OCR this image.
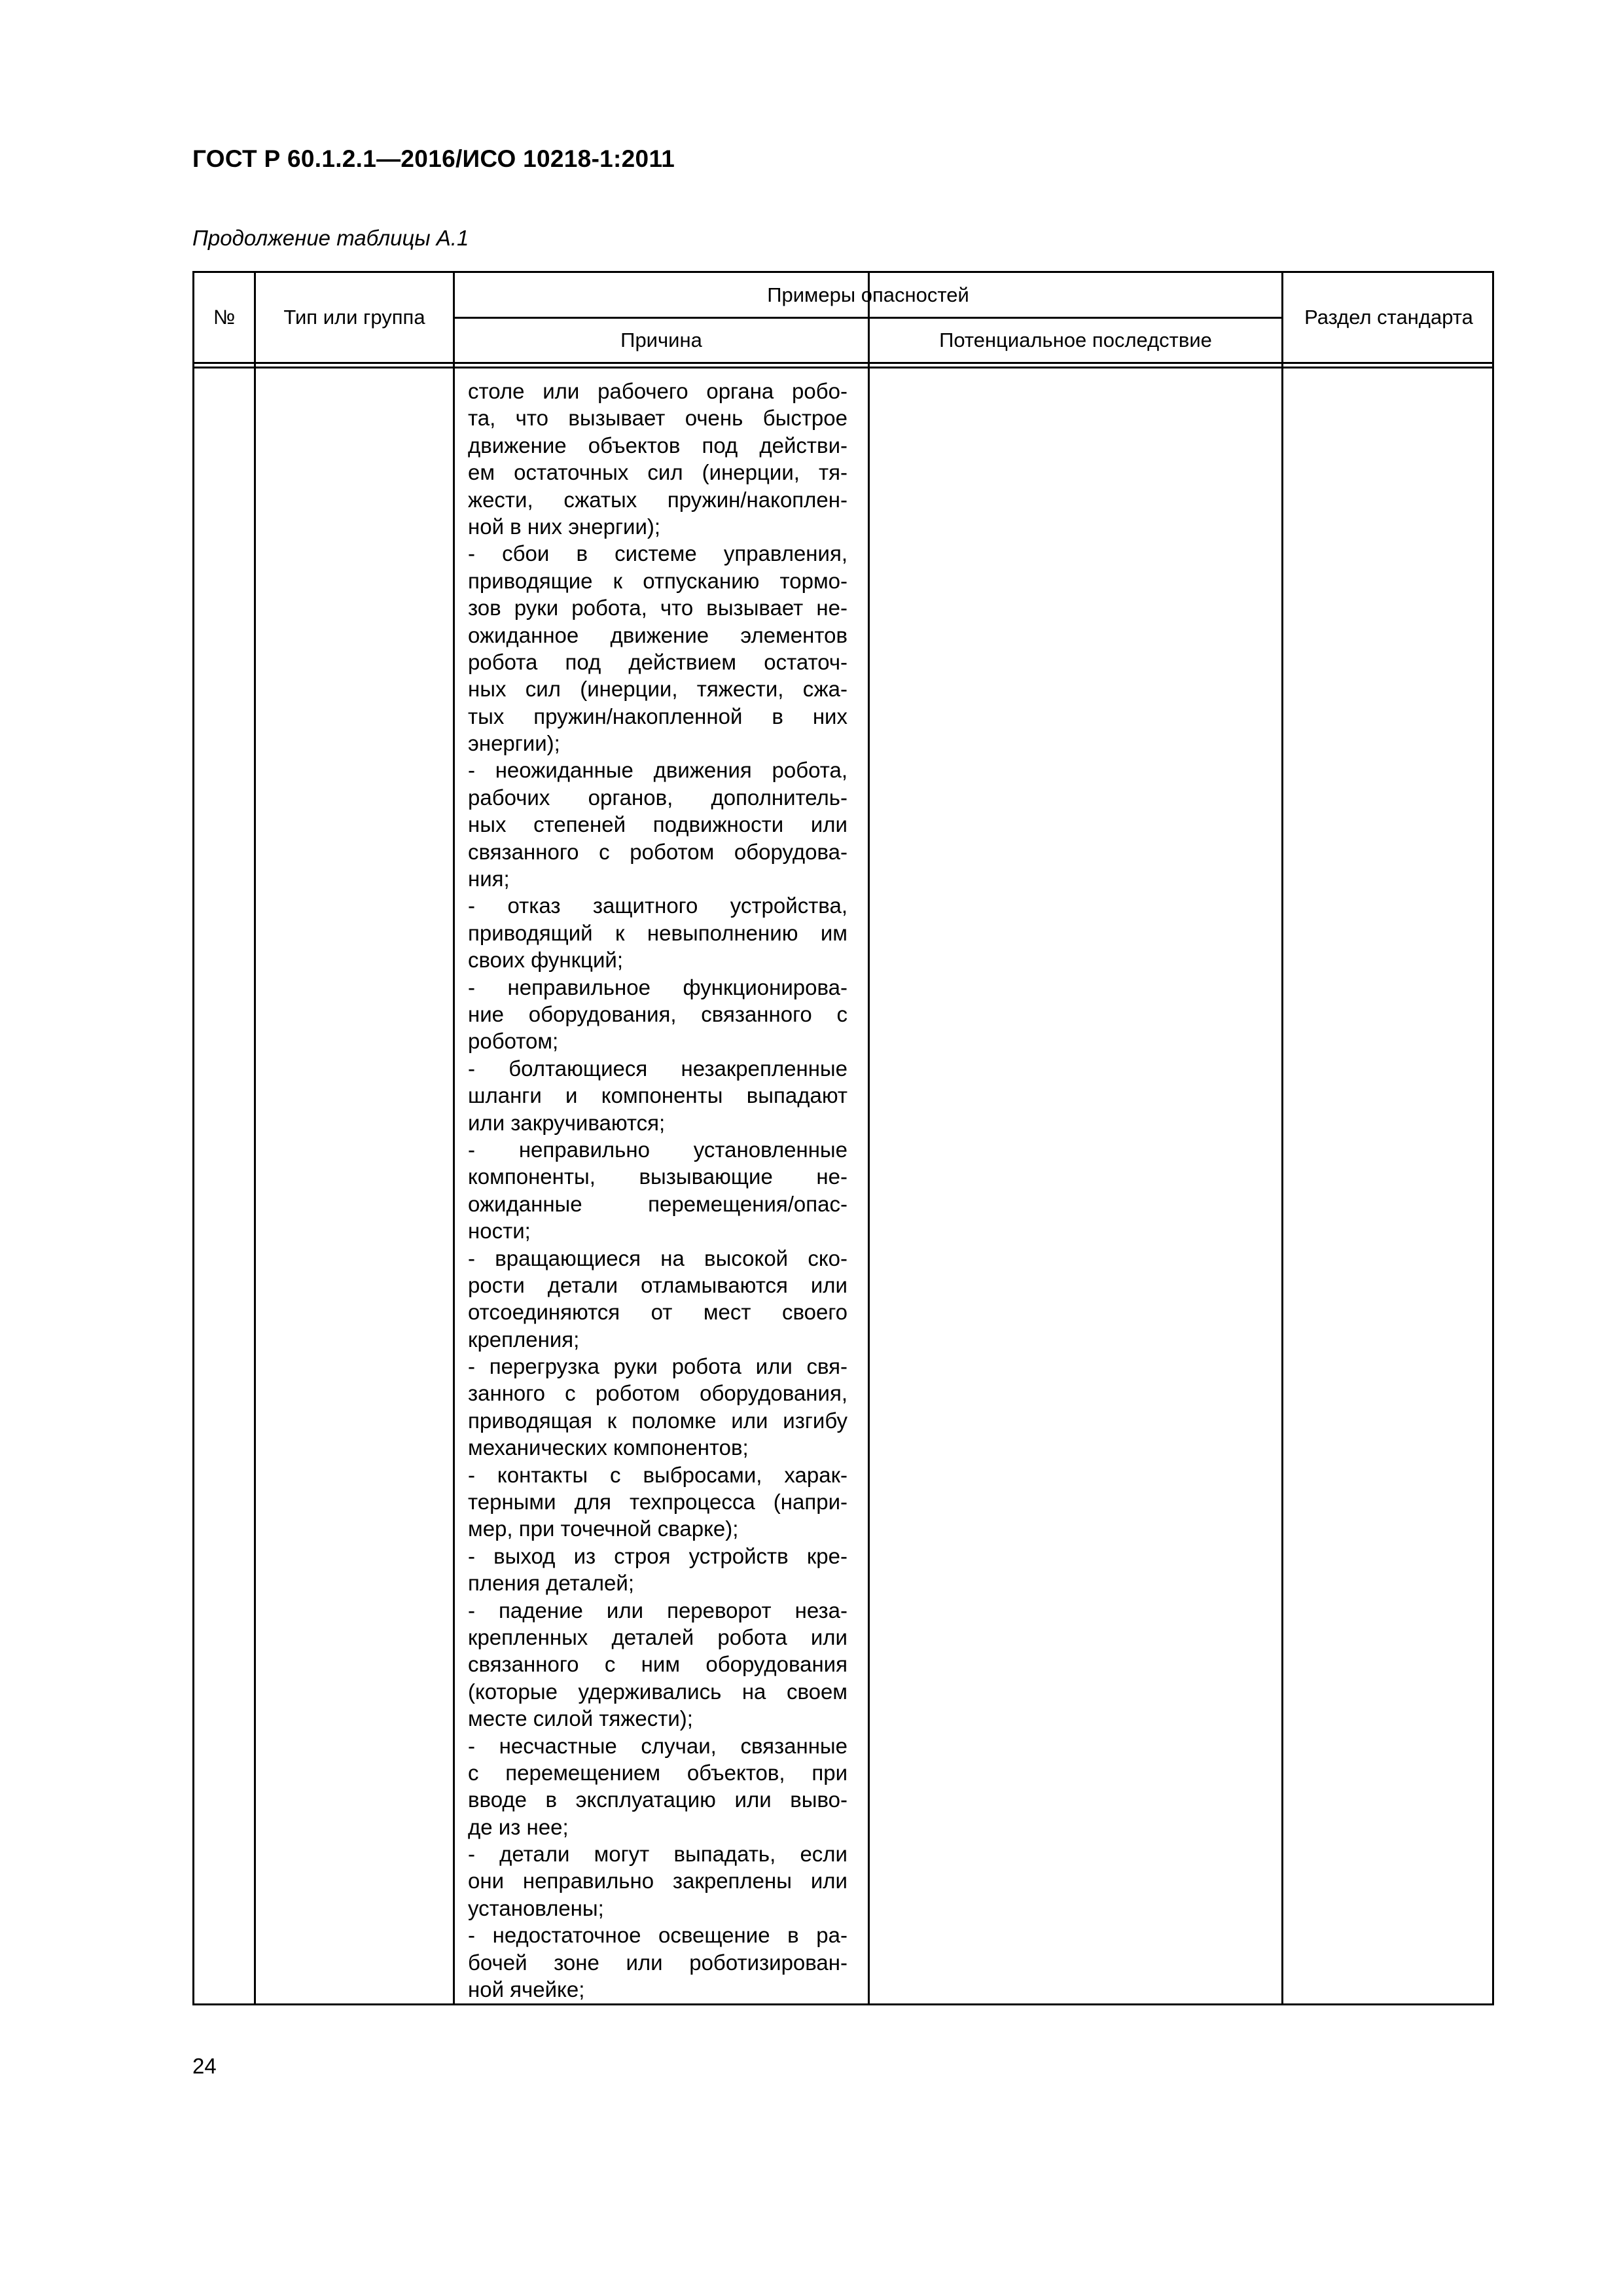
ГОСТ Р 60.1.2.1—2016/ИСО 10218-1:2011

Продолжение таблицы А.1

№	Тип или группа
Примеры опасностей
Причина	Потенциальное последствие
Раздел стандарта
столе или рабочего органа робо-
та, что вызывает очень быстрое
движение объектов под действи-
ем остаточных сил (инерции, тя-
жести, сжатых пружин/накоплен-
ной в них энергии);
- сбои в системе управления,
приводящие к отпусканию тормо-
зов руки робота, что вызывает не-
ожиданное движение элементов
робота под действием остаточ-
ных сил (инерции, тяжести, сжа-
тых пружин/накопленной в них
энергии);
- неожиданные движения робота,
рабочих органов, дополнитель-
ных степеней подвижности или
связанного с роботом оборудова-
ния;
- отказ защитного устройства,
приводящий к невыполнению им
своих функций;
- неправильное функционирова-
ние оборудования, связанного с
роботом;
- болтающиеся незакрепленные
шланги и компоненты выпадают
или закручиваются;
- неправильно установленные
компоненты, вызывающие не-
ожиданные перемещения/опас-
ности;
- вращающиеся на высокой ско-
рости детали отламываются или
отсоединяются от мест своего
крепления;
- перегрузка руки робота или свя-
занного с роботом оборудования,
приводящая к поломке или изгибу
механических компонентов;
- контакты с выбросами, харак-
терными для техпроцесса (напри-
мер, при точечной сварке);
- выход из строя устройств кре-
пления деталей;
- падение или переворот неза-
крепленных деталей робота или
связанного с ним оборудования
(которые удерживались на своем
месте силой тяжести);
- несчастные случаи, связанные
с перемещением объектов, при
вводе в эксплуатацию или выво-
де из нее;
- детали могут выпадать, если
они неправильно закреплены или
установлены;
- недостаточное освещение в ра-
бочей зоне или роботизирован-
ной ячейке;

24
